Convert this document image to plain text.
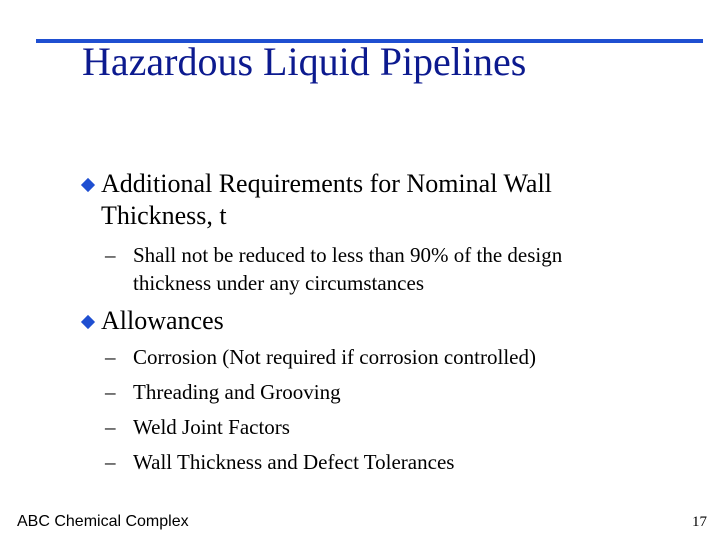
Hazardous Liquid Pipelines
Additional Requirements for Nominal Wall
Thickness, t
– Shall not be reduced to less than 90% of the design
thickness under any circumstances
Allowances
– Corrosion (Not required if corrosion controlled)
– Threading and Grooving
– Weld Joint Factors
– Wall Thickness and Defect Tolerances
ABC Chemical Complex	17
